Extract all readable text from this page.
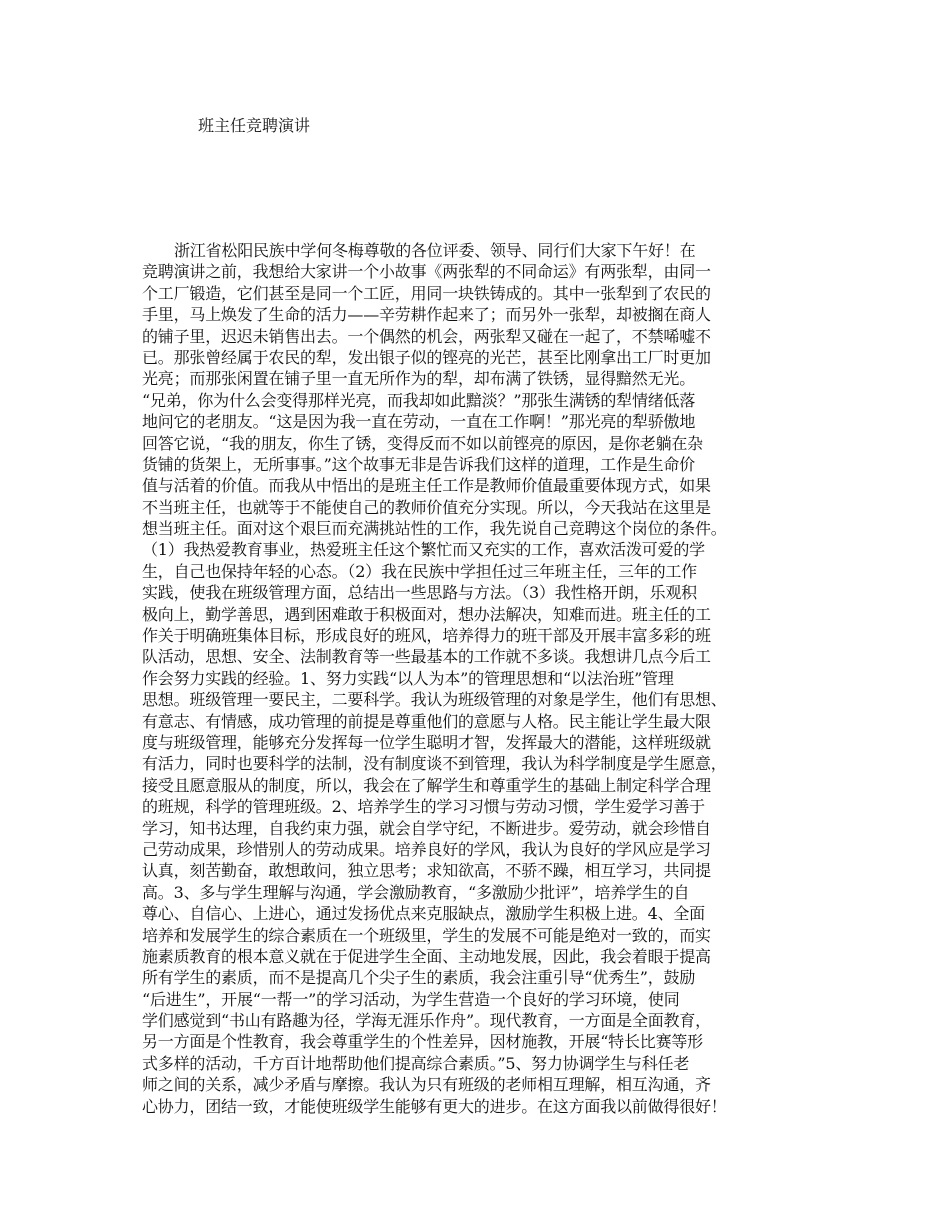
班主任竞聘演讲
浙江省松阳民族中学何冬梅尊敬的各位评委、领导、同行们大家下午好！在
竞聘演讲之前，我想给大家讲一个小故事《两张犁的不同命运》有两张犁，由同一
个工厂锻造，它们甚至是同一个工匠，用同一块铁铸成的。其中一张犁到了农民的
手里，马上焕发了生命的活力——辛劳耕作起来了；而另外一张犁，却被搁在商人
的铺子里，迟迟未销售出去。一个偶然的机会，两张犁又碰在一起了，不禁唏嘘不
已。那张曾经属于农民的犁，发出银子似的铿亮的光芒，甚至比刚拿出工厂时更加
光亮；而那张闲置在铺子里一直无所作为的犁，却布满了铁锈，显得黯然无光。
“兄弟，你为什么会变得那样光亮，而我却如此黯淡？”那张生满锈的犁情绪低落
地问它的老朋友。“这是因为我一直在劳动，一直在工作啊！”那光亮的犁骄傲地
回答它说，“我的朋友，你生了锈，变得反而不如以前铿亮的原因，是你老躺在杂
货铺的货架上，无所事事。”这个故事无非是告诉我们这样的道理，工作是生命价
值与活着的价值。而我从中悟出的是班主任工作是教师价值最重要体现方式，如果
不当班主任，也就等于不能使自己的教师价值充分实现。所以，今天我站在这里是
想当班主任。面对这个艰巨而充满挑站性的工作，我先说自己竞聘这个岗位的条件。
（1）我热爱教育事业，热爱班主任这个繁忙而又充实的工作，喜欢活泼可爱的学
生，自己也保持年轻的心态。（2）我在民族中学担任过三年班主任，三年的工作
实践，使我在班级管理方面，总结出一些思路与方法。（3）我性格开朗，乐观积
极向上，勤学善思，遇到困难敢于积极面对，想办法解决，知难而进。班主任的工
作关于明确班集体目标，形成良好的班风，培养得力的班干部及开展丰富多彩的班
队活动，思想、安全、法制教育等一些最基本的工作就不多谈。我想讲几点今后工
作会努力实践的经验。1、努力实践“以人为本”的管理思想和“以法治班”管理
思想。班级管理一要民主，二要科学。我认为班级管理的对象是学生，他们有思想、
有意志、有情感，成功管理的前提是尊重他们的意愿与人格。民主能让学生最大限
度与班级管理，能够充分发挥每一位学生聪明才智，发挥最大的潜能，这样班级就
有活力，同时也要科学的法制，没有制度谈不到管理，我认为科学制度是学生愿意，
接受且愿意服从的制度，所以，我会在了解学生和尊重学生的基础上制定科学合理
的班规，科学的管理班级。2、培养学生的学习习惯与劳动习惯，学生爱学习善于
学习，知书达理，自我约束力强，就会自学守纪，不断进步。爱劳动，就会珍惜自
己劳动成果，珍惜别人的劳动成果。培养良好的学风，我认为良好的学风应是学习
认真，刻苦勤奋，敢想敢问，独立思考；求知欲高，不骄不躁，相互学习，共同提
高。3、多与学生理解与沟通，学会激励教育，“多激励少批评”，培养学生的自
尊心、自信心、上进心，通过发扬优点来克服缺点，激励学生积极上进。4、全面
培养和发展学生的综合素质在一个班级里，学生的发展不可能是绝对一致的，而实
施素质教育的根本意义就在于促进学生全面、主动地发展，因此，我会着眼于提高
所有学生的素质，而不是提高几个尖子生的素质，我会注重引导“优秀生”，鼓励
“后进生”，开展“一帮一”的学习活动，为学生营造一个良好的学习环境，使同
学们感觉到“书山有路趣为径，学海无涯乐作舟”。现代教育，一方面是全面教育，
另一方面是个性教育，我会尊重学生的个性差异，因材施教，开展“特长比赛等形
式多样的活动，千方百计地帮助他们提高综合素质。”5、努力协调学生与科任老
师之间的关系，减少矛盾与摩擦。我认为只有班级的老师相互理解，相互沟通，齐
心协力，团结一致，才能使班级学生能够有更大的进步。在这方面我以前做得很好！
